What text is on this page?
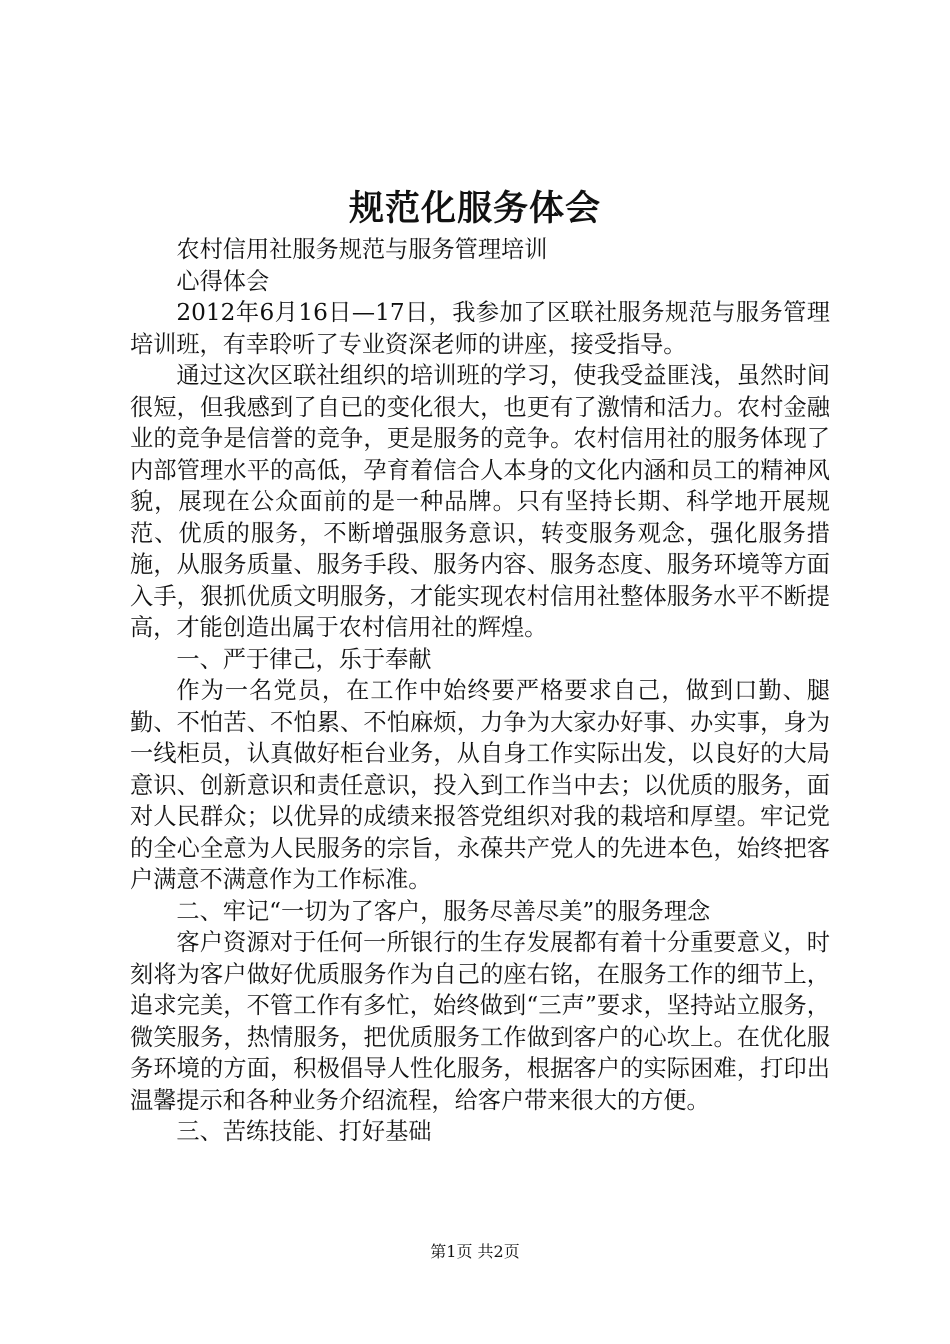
规范化服务体会

农村信用社服务规范与服务管理培训

心得体会

2012年6月16日—17日，我参加了区联社服务规范与服务管理培训班，有幸聆听了专业资深老师的讲座，接受指导。

通过这次区联社组织的培训班的学习，使我受益匪浅，虽然时间很短，但我感到了自已的变化很大，也更有了激情和活力。农村金融业的竞争是信誉的竞争，更是服务的竞争。农村信用社的服务体现了内部管理水平的高低，孕育着信合人本身的文化内涵和员工的精神风貌，展现在公众面前的是一种品牌。只有坚持长期、科学地开展规范、优质的服务，不断增强服务意识，转变服务观念，强化服务措施，从服务质量、服务手段、服务内容、服务态度、服务环境等方面入手，狠抓优质文明服务，才能实现农村信用社整体服务水平不断提高，才能创造出属于农村信用社的辉煌。

一、严于律己，乐于奉献

作为一名党员，在工作中始终要严格要求自己，做到口勤、腿勤、不怕苦、不怕累、不怕麻烦，力争为大家办好事、办实事，身为一线柜员，认真做好柜台业务，从自身工作实际出发，以良好的大局意识、创新意识和责任意识，投入到工作当中去；以优质的服务，面对人民群众；以优异的成绩来报答党组织对我的栽培和厚望。牢记党的全心全意为人民服务的宗旨，永葆共产党人的先进本色，始终把客户满意不满意作为工作标准。

二、牢记“一切为了客户，服务尽善尽美”的服务理念

客户资源对于任何一所银行的生存发展都有着十分重要意义，时刻将为客户做好优质服务作为自己的座右铭，在服务工作的细节上，追求完美，不管工作有多忙，始终做到“三声”要求，坚持站立服务，微笑服务，热情服务，把优质服务工作做到客户的心坎上。在优化服务环境的方面，积极倡导人性化服务，根据客户的实际困难，打印出温馨提示和各种业务介绍流程，给客户带来很大的方便。

三、苦练技能、打好基础

第1页 共2页
